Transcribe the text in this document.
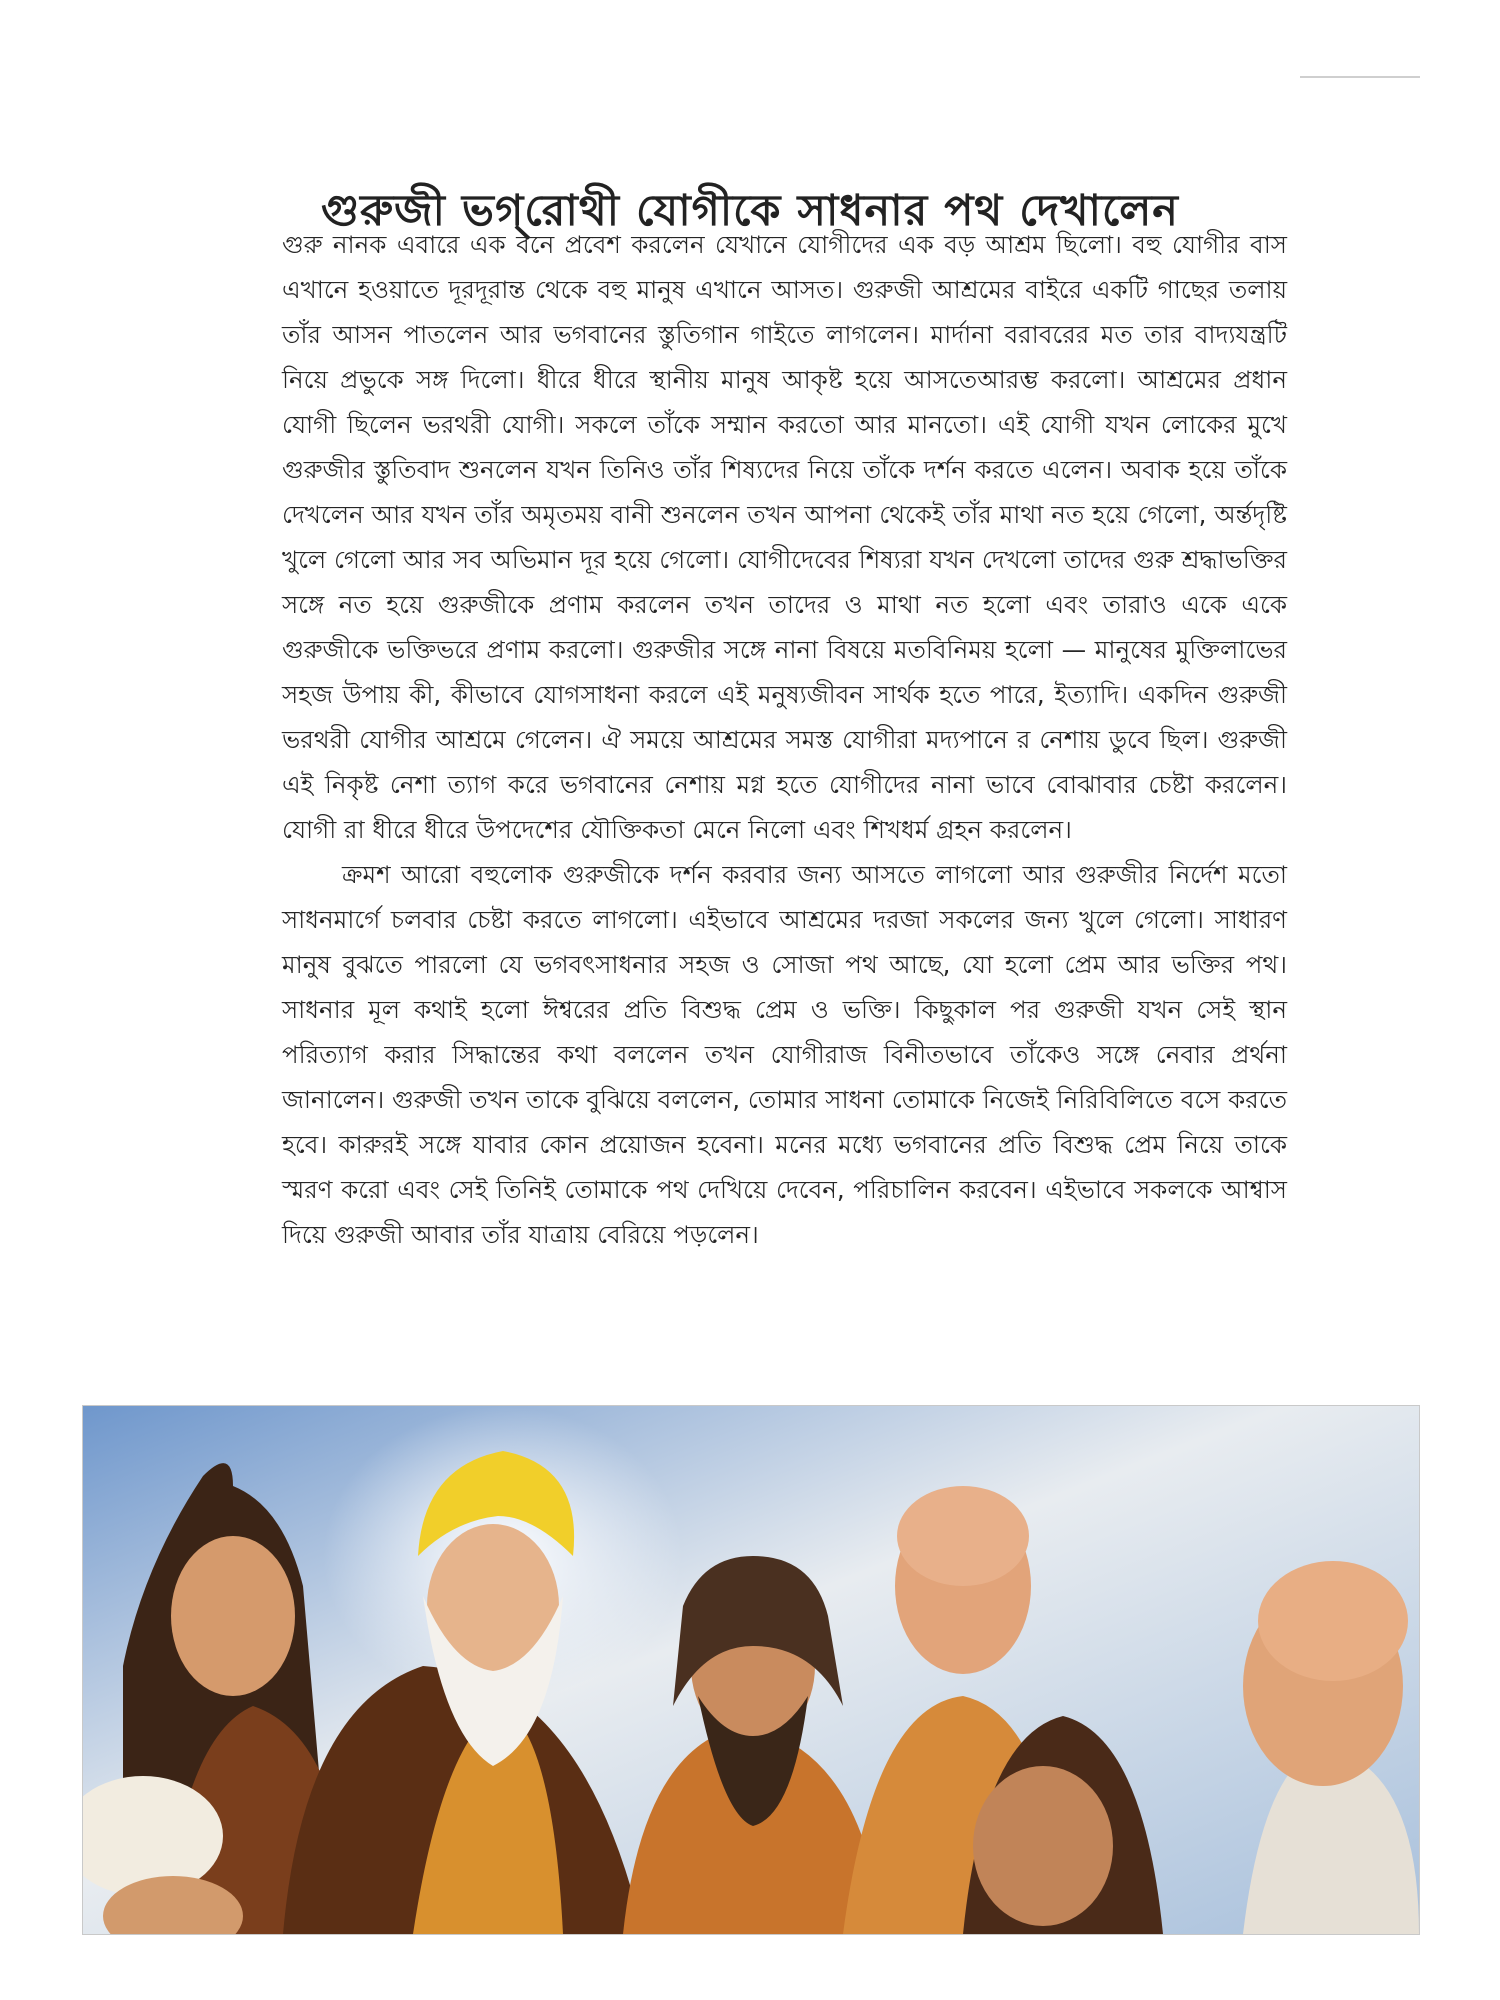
গুরুজী ভগ্‌রোথী যোগীকে সাধনার পথ দেখালেন

গুরু নানক এবারে এক বনে প্রবেশ করলেন যেখানে যোগীদের এক বড় আশ্রম ছিলো। বহু যোগীর বাস এখানে হওয়াতে দূরদূরান্ত থেকে বহু মানুষ এখানে আসত। গুরুজী আশ্রমের বাইরে একটি গাছের তলায় তাঁর আসন পাতলেন আর ভগবানের স্তুতিগান গাইতে লাগলেন। মার্দানা বরাবরের মত তার বাদ্যযন্ত্রটি নিয়ে প্রভুকে সঙ্গ দিলো। ধীরে ধীরে স্থানীয় মানুষ আকৃষ্ট হয়ে আসতেআরম্ভ করলো। আশ্রমের প্রধান যোগী ছিলেন ভরথরী যোগী। সকলে তাঁকে সম্মান করতো আর মানতো। এই যোগী যখন লোকের মুখে গুরুজীর স্তুতিবাদ শুনলেন যখন তিনিও তাঁর শিষ্যদের নিয়ে তাঁকে দর্শন করতে এলেন। অবাক হয়ে তাঁকে দেখলেন আর যখন তাঁর অমৃতময় বানী শুনলেন তখন আপনা থেকেই তাঁর মাথা নত হয়ে গেলো, অর্ন্তদৃষ্টি খুলে গেলো আর সব অভিমান দূর হয়ে গেলো। যোগীদেবের শিষ্যরা যখন দেখলো তাদের গুরু শ্রদ্ধাভক্তির সঙ্গে নত হয়ে গুরুজীকে প্রণাম করলেন তখন তাদের ও মাথা নত হলো এবং তারাও একে একে গুরুজীকে ভক্তিভরে প্রণাম করলো। গুরুজীর সঙ্গে নানা বিষয়ে মতবিনিময় হলো — মানুষের মুক্তিলাভের সহজ উপায় কী, কীভাবে যোগসাধনা করলে এই মনুষ্যজীবন সার্থক হতে পারে, ইত্যাদি। একদিন গুরুজী ভরথরী যোগীর আশ্রমে গেলেন। ঐ সময়ে আশ্রমের সমস্ত যোগীরা মদ্যপানে র নেশায় ডুবে ছিল। গুরুজী এই নিকৃষ্ট নেশা ত্যাগ করে ভগবানের নেশায় মগ্ন হতে যোগীদের নানা ভাবে বোঝাবার চেষ্টা করলেন। যোগী রা ধীরে ধীরে উপদেশের যৌক্তিকতা মেনে নিলো এবং শিখধর্ম গ্রহন করলেন।

ক্রমশ আরো বহুলোক গুরুজীকে দর্শন করবার জন্য আসতে লাগলো আর গুরুজীর নির্দেশ মতো সাধনমার্গে চলবার চেষ্টা করতে লাগলো। এইভাবে আশ্রমের দরজা সকলের জন্য খুলে গেলো। সাধারণ মানুষ বুঝতে পারলো যে ভগবৎসাধনার সহজ ও সোজা পথ আছে, যো হলো প্রেম আর ভক্তির পথ। সাধনার মূল কথাই হলো ঈশ্বরের প্রতি বিশুদ্ধ প্রেম ও ভক্তি। কিছুকাল পর গুরুজী যখন সেই স্থান পরিত্যাগ করার সিদ্ধান্তের কথা বললেন তখন যোগীরাজ বিনীতভাবে তাঁকেও সঙ্গে নেবার প্রর্থনা জানালেন। গুরুজী তখন তাকে বুঝিয়ে বললেন, তোমার সাধনা তোমাকে নিজেই নিরিবিলিতে বসে করতে হবে। কারুরই সঙ্গে যাবার কোন প্রয়োজন হবেনা। মনের মধ্যে ভগবানের প্রতি বিশুদ্ধ প্রেম নিয়ে তাকে স্মরণ করো এবং সেই তিনিই তোমাকে পথ দেখিয়ে দেবেন, পরিচালিন করবেন। এইভাবে সকলকে আশ্বাস দিয়ে গুরুজী আবার তাঁর যাত্রায় বেরিয়ে পড়লেন।
